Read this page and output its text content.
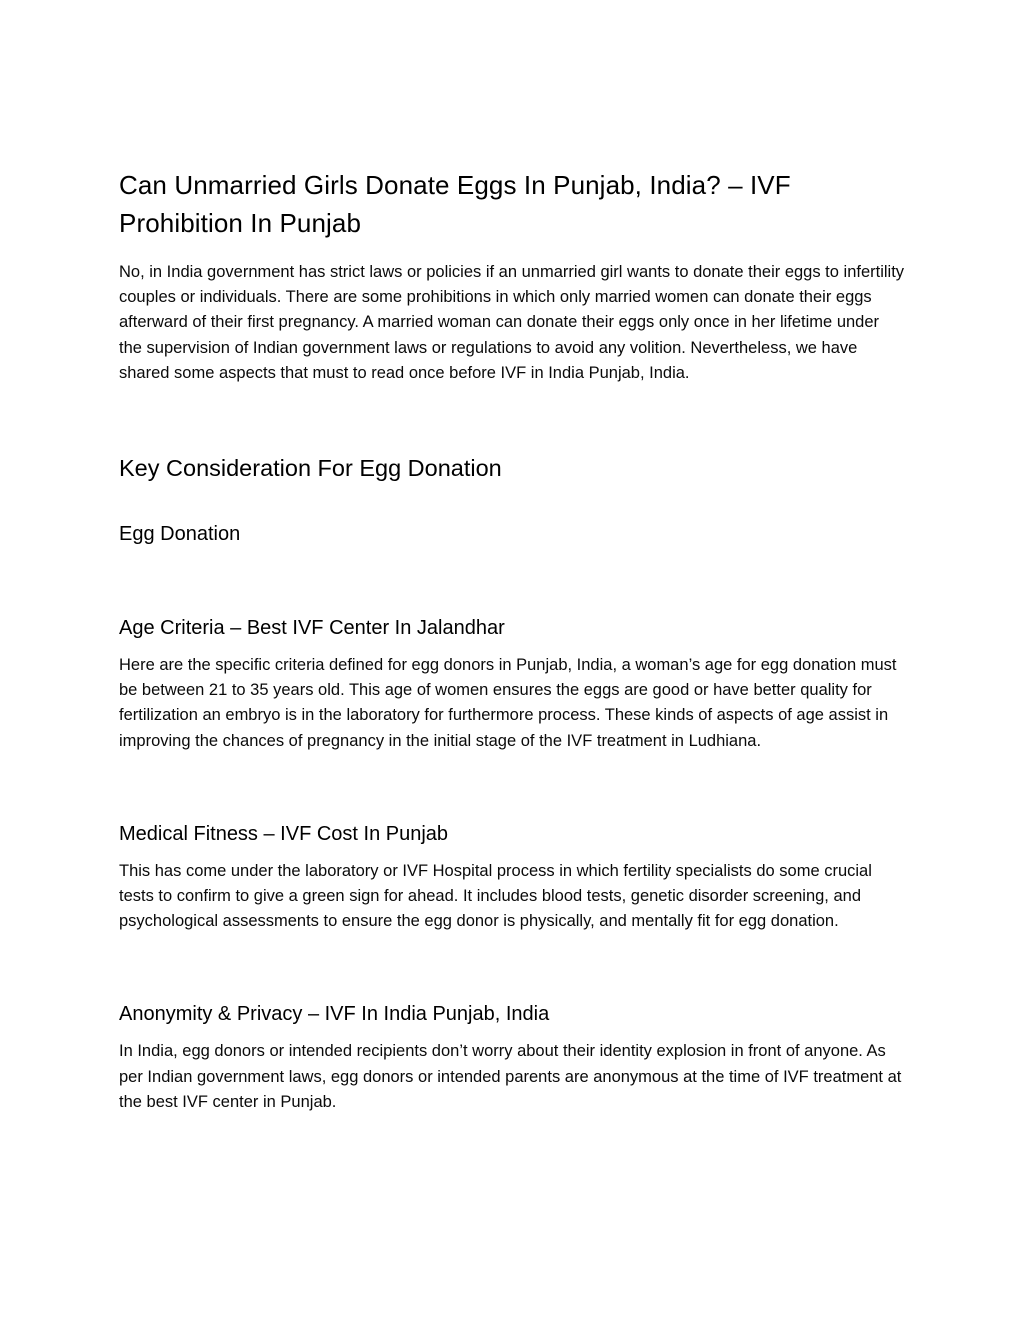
Can Unmarried Girls Donate Eggs In Punjab, India? – IVF Prohibition In Punjab

No, in India government has strict laws or policies if an unmarried girl wants to donate their eggs to infertility couples or individuals. There are some prohibitions in which only married women can donate their eggs afterward of their first pregnancy. A married woman can donate their eggs only once in her lifetime under the supervision of Indian government laws or regulations to avoid any volition. Nevertheless, we have shared some aspects that must to read once before IVF in India Punjab, India.

Key Consideration For Egg Donation
Egg Donation
Age Criteria – Best IVF Center In Jalandhar

Here are the specific criteria defined for egg donors in Punjab, India, a woman’s age for egg donation must be between 21 to 35 years old. This age of women ensures the eggs are good or have better quality for fertilization an embryo is in the laboratory for furthermore process. These kinds of aspects of age assist in improving the chances of pregnancy in the initial stage of the IVF treatment in Ludhiana.

Medical Fitness – IVF Cost In Punjab

This has come under the laboratory or IVF Hospital process in which fertility specialists do some crucial tests to confirm to give a green sign for ahead. It includes blood tests, genetic disorder screening, and psychological assessments to ensure the egg donor is physically, and mentally fit for egg donation.

Anonymity & Privacy – IVF In India Punjab, India

In India, egg donors or intended recipients don’t worry about their identity explosion in front of anyone. As per Indian government laws, egg donors or intended parents are anonymous at the time of IVF treatment at the best IVF center in Punjab.
